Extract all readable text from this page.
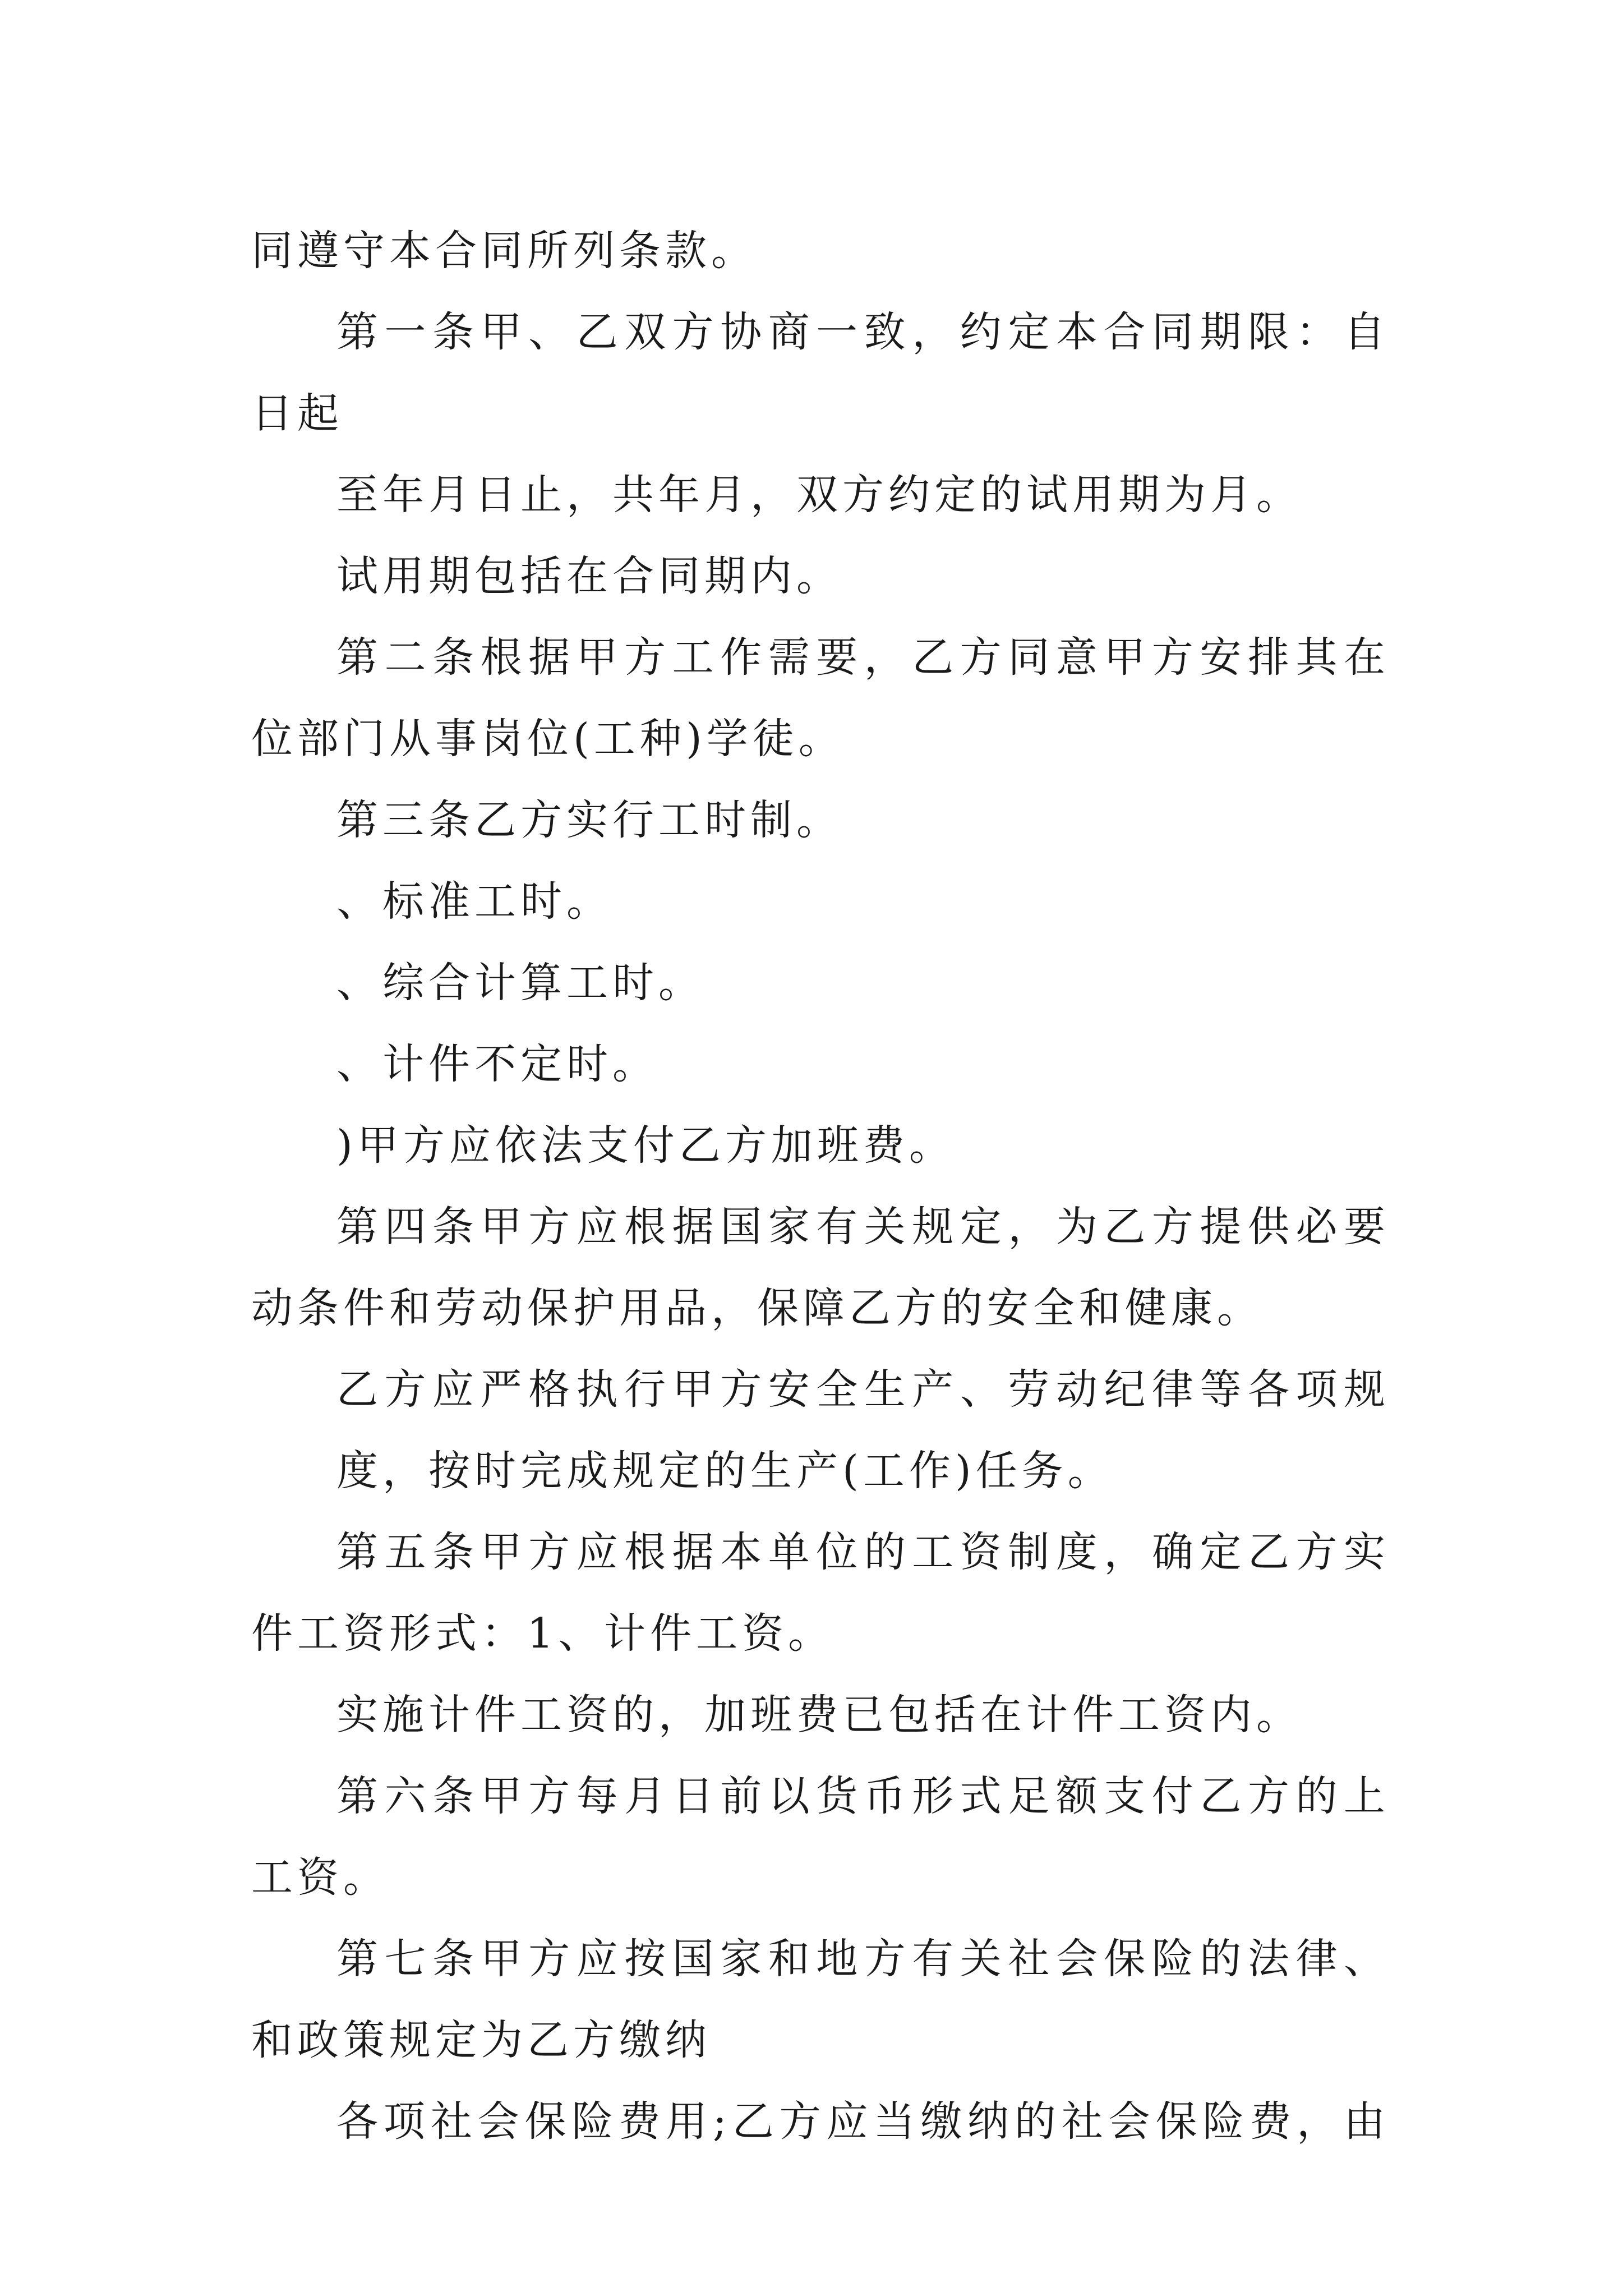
同遵守本合同所列条款。
第一条甲、乙双方协商一致，约定本合同期限：自
日起
至年月日止，共年月，双方约定的试用期为月。
试用期包括在合同期内。
第二条根据甲方工作需要，乙方同意甲方安排其在
位部门从事岗位(工种)学徒。
第三条乙方实行工时制。
、标准工时。
、综合计算工时。
、计件不定时。
)甲方应依法支付乙方加班费。
第四条甲方应根据国家有关规定，为乙方提供必要
动条件和劳动保护用品，保障乙方的安全和健康。
乙方应严格执行甲方安全生产、劳动纪律等各项规
度，按时完成规定的生产(工作)任务。
第五条甲方应根据本单位的工资制度，确定乙方实
件工资形式：1、计件工资。
实施计件工资的，加班费已包括在计件工资内。
第六条甲方每月日前以货币形式足额支付乙方的上
工资。
第七条甲方应按国家和地方有关社会保险的法律、
和政策规定为乙方缴纳
各项社会保险费用;乙方应当缴纳的社会保险费，由
